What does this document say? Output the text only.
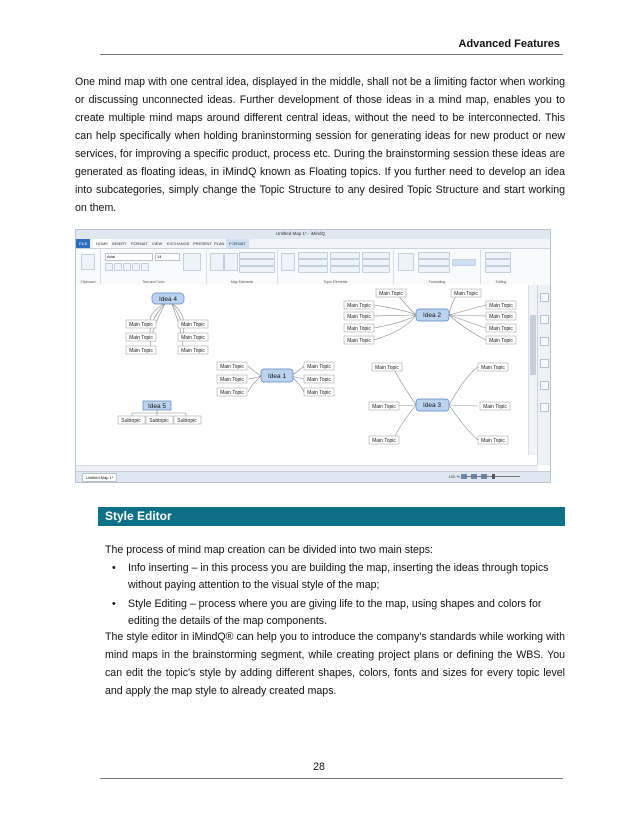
Advanced Features

One mind map with one central idea, displayed in the middle, shall not be a limiting factor when working or discussing unconnected ideas. Further development of those ideas in a mind map, enables you to create multiple mind maps around different central ideas, without the need to be interconnected. This can help specifically when holding braninstorming session for generating ideas for new product or new services, for improving a specific product, process etc. During the brainstorming session these ideas are generated as floating ideas, in iMindQ known as Floating topics. If you further need to develop an idea into subcategories, simply change the Topic Structure to any desired Topic Structure and start working on them.

Untitled Map 1* - iMindQ
FILE	HOME	INSERT	FORMAT	VIEW	EXCHANGE PRESENT PLAN	FORMAT
Clipboard
Arial	14
Text and Color	Map Elements	Topic Elements	Formatting	Editing
Idea 4
Main Topic
Main Topic
Main Topic
Main Topic
Main Topic
Main Topic
Idea 1
Main Topic
Main Topic
Main Topic
Main Topic
Main Topic
Main Topic
Idea 5
Subtopic Subtopic Subtopic
Idea 2
Main Topic
Main Topic
Main Topic
Main Topic
Main Topic
Main Topic
Main Topic
Main Topic
Main Topic
Main Topic
Idea 3
Main Topic
Main Topic
Main Topic
Main Topic
Main Topic
Main Topic
Untitled Map 1*	100 %
Style Editor

The process of mind map creation can be divided into two main steps:

• Info inserting – in this process you are building the map, inserting the ideas through topics without paying attention to the visual style of the map;
• Style Editing – process where you are giving life to the map, using shapes and colors for editing the details of the map components.

The style editor in iMindQ® can help you to introduce the company's standards while working with mind maps in the brainstorming segment, while creating project plans or defining the WBS. You can edit the topic's style by adding different shapes, colors, fonts and sizes for every topic level and apply the map style to already created maps.

28
